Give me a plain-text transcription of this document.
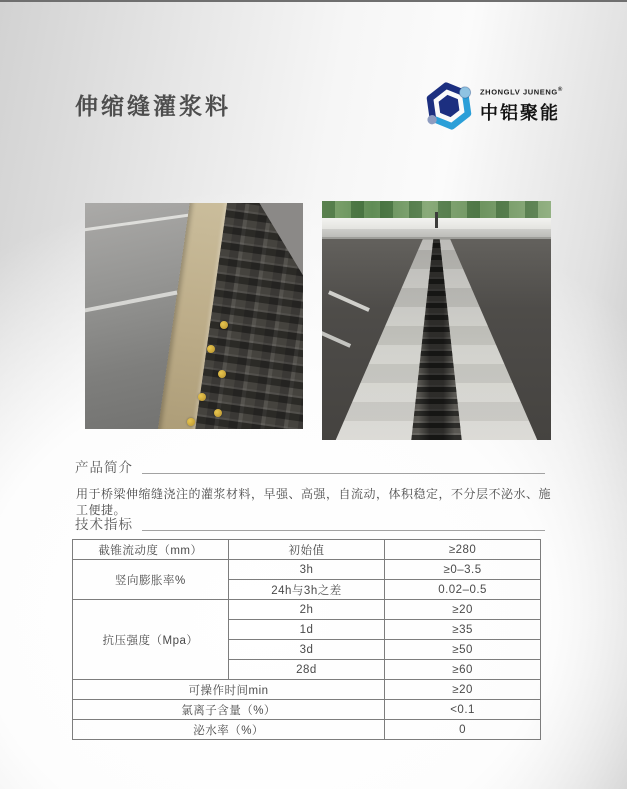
伸缩缝灌浆料
ZHONGLV JUNENG®
中铝聚能
产品简介
用于桥梁伸缩缝浇注的灌浆材料，早强、高强，自流动，体积稳定，不分层不泌水、施工便捷。
技术指标
截锥流动度（mm）	初始值	≥280
竖向膨胀率%	3h	≥0–3.5
	24h与3h之差	0.02–0.5
抗压强度（Mpa）	2h	≥20
	1d	≥35
	3d	≥50
	28d	≥60
可操作时间min		≥20
氯离子含量（%）		<0.1
泌水率（%）		0
